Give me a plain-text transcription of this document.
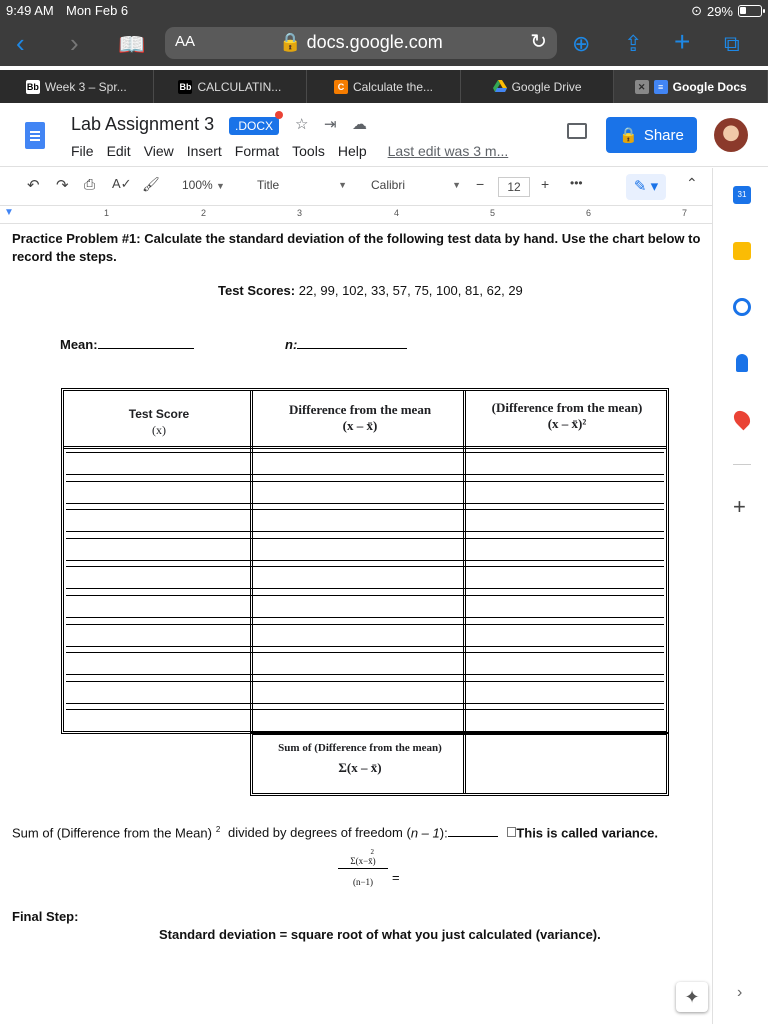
9:49 AM Mon Feb 6	⊙ 29%
‹ › 📖 AA	🔒 docs.google.com	↻ ⊕ ⇪ + ⧉
Bb Week 3 – Spr...	Bb CALCULATIN...	C Calculate the...	Google Drive	✕	≡ Google Docs
Lab Assignment 3	.DOCX	☆ ⇥ ☁
File Edit View Insert Format Tools Help Last edit was 3 m...
🔒 Share
↶ ↷ ⎙ A✓ 🖌 100% ▼	Title	▼ Calibri	▼ −	12	+ •••	✎ ▾	⌃
▼	1	2	3	4	5	6	7
31
+
›
Practice Problem #1: Calculate the standard deviation of the following test data by hand. Use the chart below to record the steps.
Test Scores: 22, 99, 102, 33, 57, 75, 100, 81, 62, 29
Mean:	n:
Test Score
(x)
Difference from the mean
(x – x̄)
(Difference from the mean)
(x – x̄)²
Sum of (Difference from the mean)
Σ(x – x̄)
Sum of (Difference from the Mean) $^2$ divided by degrees of freedom (n – 1):	This is called variance.
2
Σ(x−x̄)
(n−1)	=
Final Step:
Standard deviation = square root of what you just calculated (variance).
✦
